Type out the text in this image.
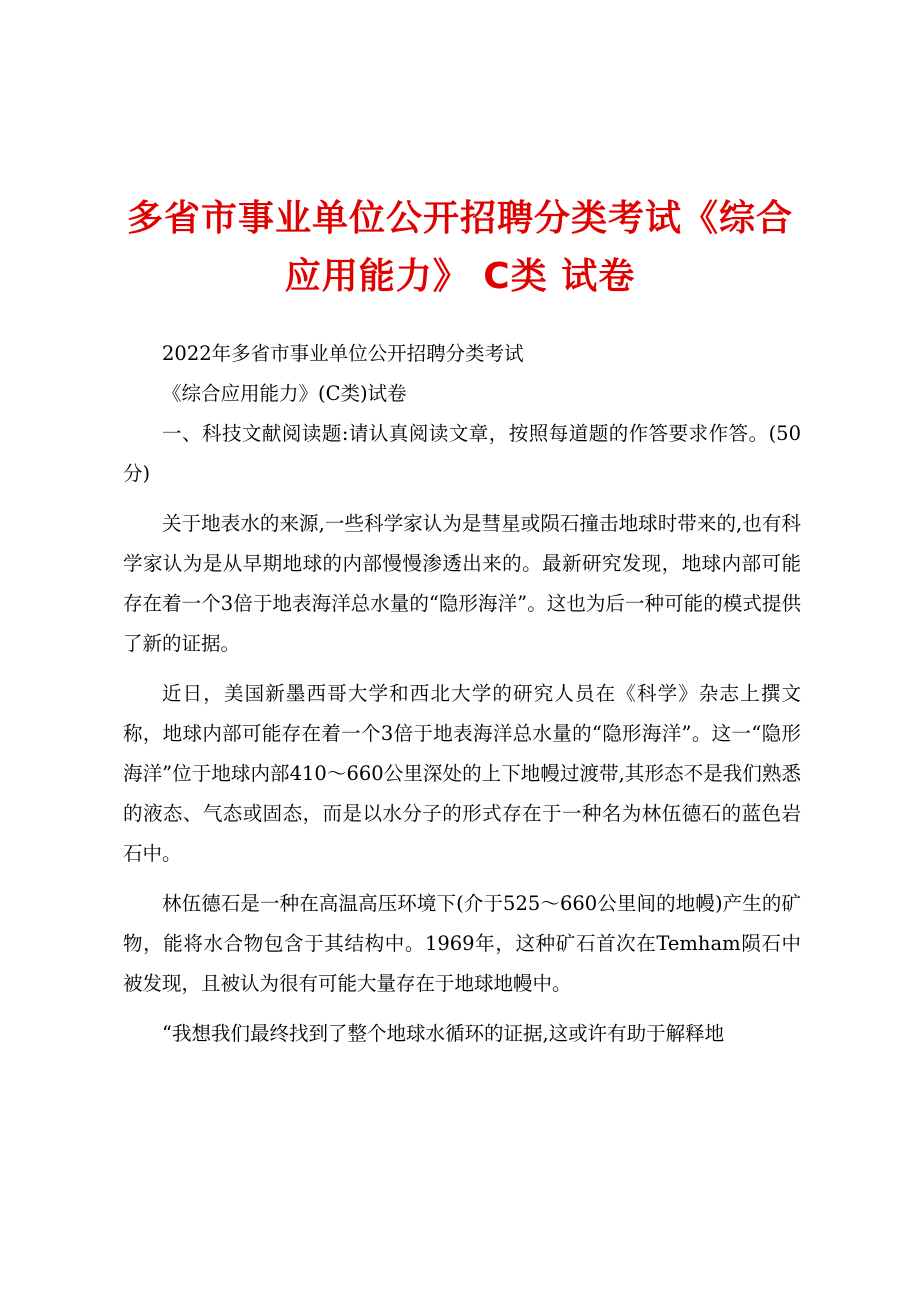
多省市事业单位公开招聘分类考试《综合应用能力》 C类 试卷

2022年多省市事业单位公开招聘分类考试

《综合应用能力》(C类)试卷

一、科技文献阅读题:请认真阅读文章，按照每道题的作答要求作答。(50分)

关于地表水的来源,一些科学家认为是彗星或陨石撞击地球时带来的,也有科学家认为是从早期地球的内部慢慢渗透出来的。最新研究发现，地球内部可能存在着一个3倍于地表海洋总水量的“隐形海洋”。这也为后一种可能的模式提供了新的证据。

近日，美国新墨西哥大学和西北大学的研究人员在《科学》杂志上撰文称，地球内部可能存在着一个3倍于地表海洋总水量的“隐形海洋”。这一“隐形海洋”位于地球内部410～660公里深处的上下地幔过渡带,其形态不是我们熟悉的液态、气态或固态，而是以水分子的形式存在于一种名为林伍德石的蓝色岩石中。

林伍德石是一种在高温高压环境下(介于525～660公里间的地幔)产生的矿物，能将水合物包含于其结构中。1969年，这种矿石首次在Temham陨石中被发现，且被认为很有可能大量存在于地球地幔中。

“我想我们最终找到了整个地球水循环的证据,这或许有助于解释地
